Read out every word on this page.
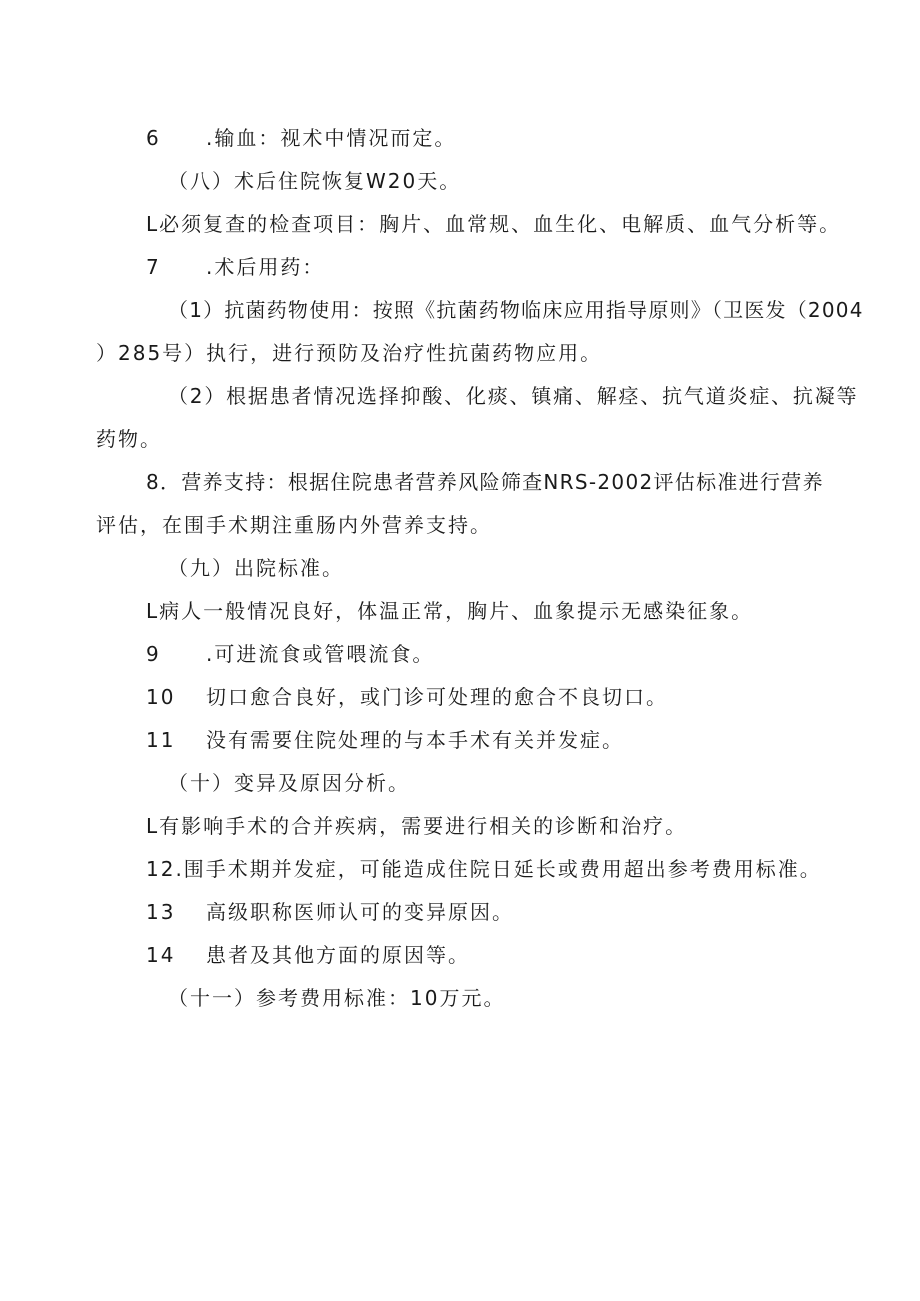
6 .输血：视术中情况而定。
（八）术后住院恢复W20天。
L必须复查的检查项目：胸片、血常规、血生化、电解质、血气分析等。
7 .术后用药：
（1）抗菌药物使用：按照《抗菌药物临床应用指导原则》（卫医发（2004
）285号）执行，进行预防及治疗性抗菌药物应用。
（2）根据患者情况选择抑酸、化痰、镇痛、解痉、抗气道炎症、抗凝等
药物。
8．营养支持：根据住院患者营养风险筛查NRS-2002评估标准进行营养
评估，在围手术期注重肠内外营养支持。
（九）出院标准。
L病人一般情况良好，体温正常，胸片、血象提示无感染征象。
9 .可进流食或管喂流食。
10 切口愈合良好，或门诊可处理的愈合不良切口。
11 没有需要住院处理的与本手术有关并发症。
（十）变异及原因分析。
L有影响手术的合并疾病，需要进行相关的诊断和治疗。
12.围手术期并发症，可能造成住院日延长或费用超出参考费用标准。
13 高级职称医师认可的变异原因。
14 患者及其他方面的原因等。
（十一）参考费用标准：10万元。
